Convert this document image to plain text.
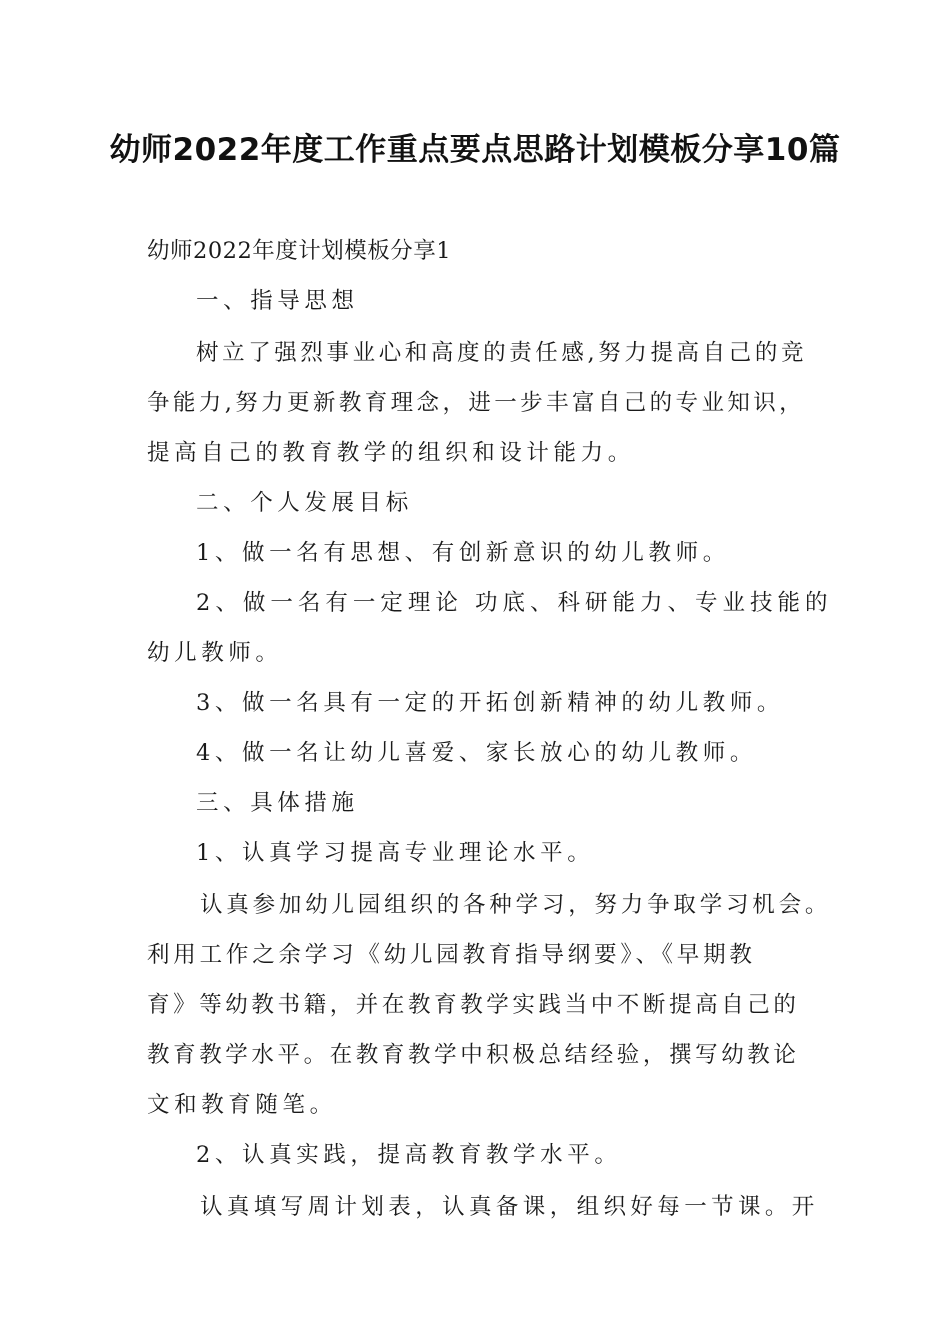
幼师2022年度工作重点要点思路计划模板分享10篇
幼师2022年度计划模板分享1
一、指导思想
树立了强烈事业心和高度的责任感,努力提高自己的竞
争能力,努力更新教育理念，进一步丰富自己的专业知识，
提高自己的教育教学的组织和设计能力。
二、个人发展目标
1、做一名有思想、有创新意识的幼儿教师。
2、做一名有一定理论 功底、科研能力、专业技能的
幼儿教师。
3、做一名具有一定的开拓创新精神的幼儿教师。
4、做一名让幼儿喜爱、家长放心的幼儿教师。
三、具体措施
1、认真学习提高专业理论水平。
认真参加幼儿园组织的各种学习，努力争取学习机会。
利用工作之余学习《幼儿园教育指导纲要》、《早期教
育》等幼教书籍，并在教育教学实践当中不断提高自己的
教育教学水平。在教育教学中积极总结经验，撰写幼教论
文和教育随笔。
2、认真实践，提高教育教学水平。
认真填写周计划表，认真备课，组织好每一节课。开
